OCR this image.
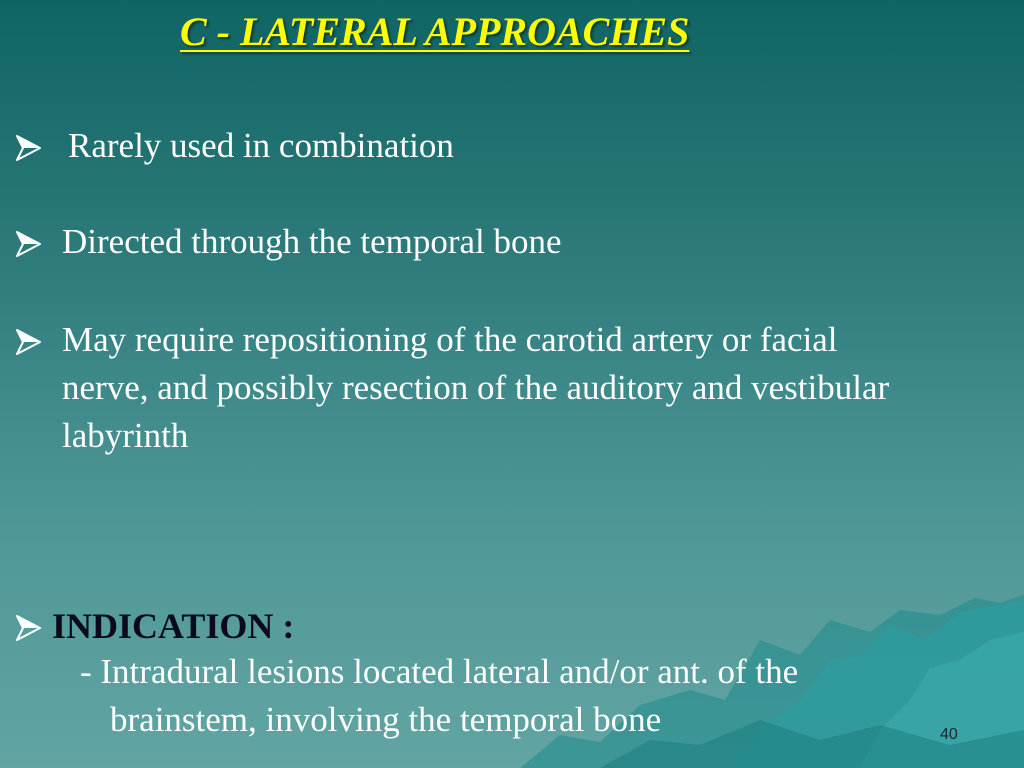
C - LATERAL APPROACHES
Rarely used in combination
Directed through the temporal bone
May require repositioning of the carotid artery or facial
nerve, and possibly resection of the auditory and vestibular
labyrinth
INDICATION :
- Intradural lesions located lateral and/or ant. of the
brainstem, involving the temporal bone	40
